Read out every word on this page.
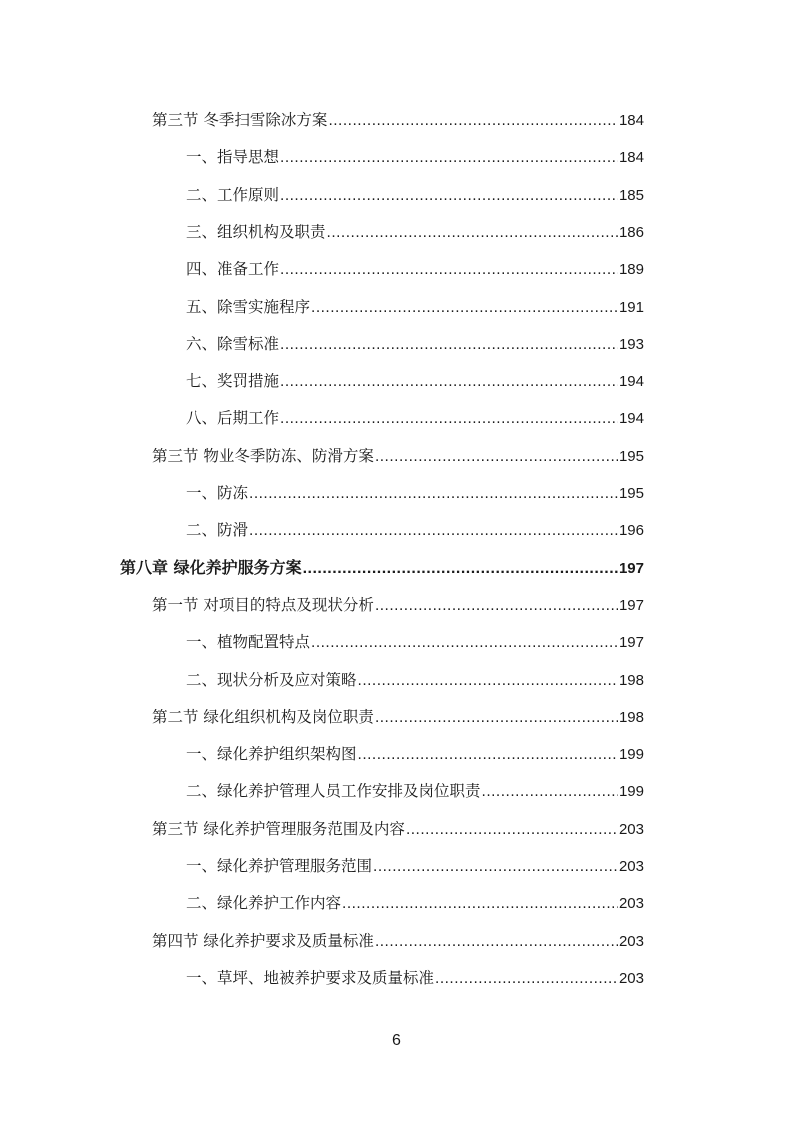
第三节 冬季扫雪除冰方案 .....	184
一、指导思想 .....	184
二、工作原则 .....	185
三、组织机构及职责 .....	186
四、准备工作 .....	189
五、除雪实施程序 .....	191
六、除雪标准 .....	193
七、奖罚措施 .....	194
八、后期工作 .....	194
第三节 物业冬季防冻、防滑方案 .....	195
一、防冻 .....	195
二、防滑 .....	196
第八章 绿化养护服务方案 .....	197
第一节 对项目的特点及现状分析 .....	197
一、植物配置特点 .....	197
二、现状分析及应对策略 .....	198
第二节 绿化组织机构及岗位职责 .....	198
一、绿化养护组织架构图 .....	199
二、绿化养护管理人员工作安排及岗位职责 .....	199
第三节 绿化养护管理服务范围及内容 .....	203
一、绿化养护管理服务范围 .....	203
二、绿化养护工作内容 .....	203
第四节 绿化养护要求及质量标准 .....	203
一、草坪、地被养护要求及质量标准 .....	203
6
